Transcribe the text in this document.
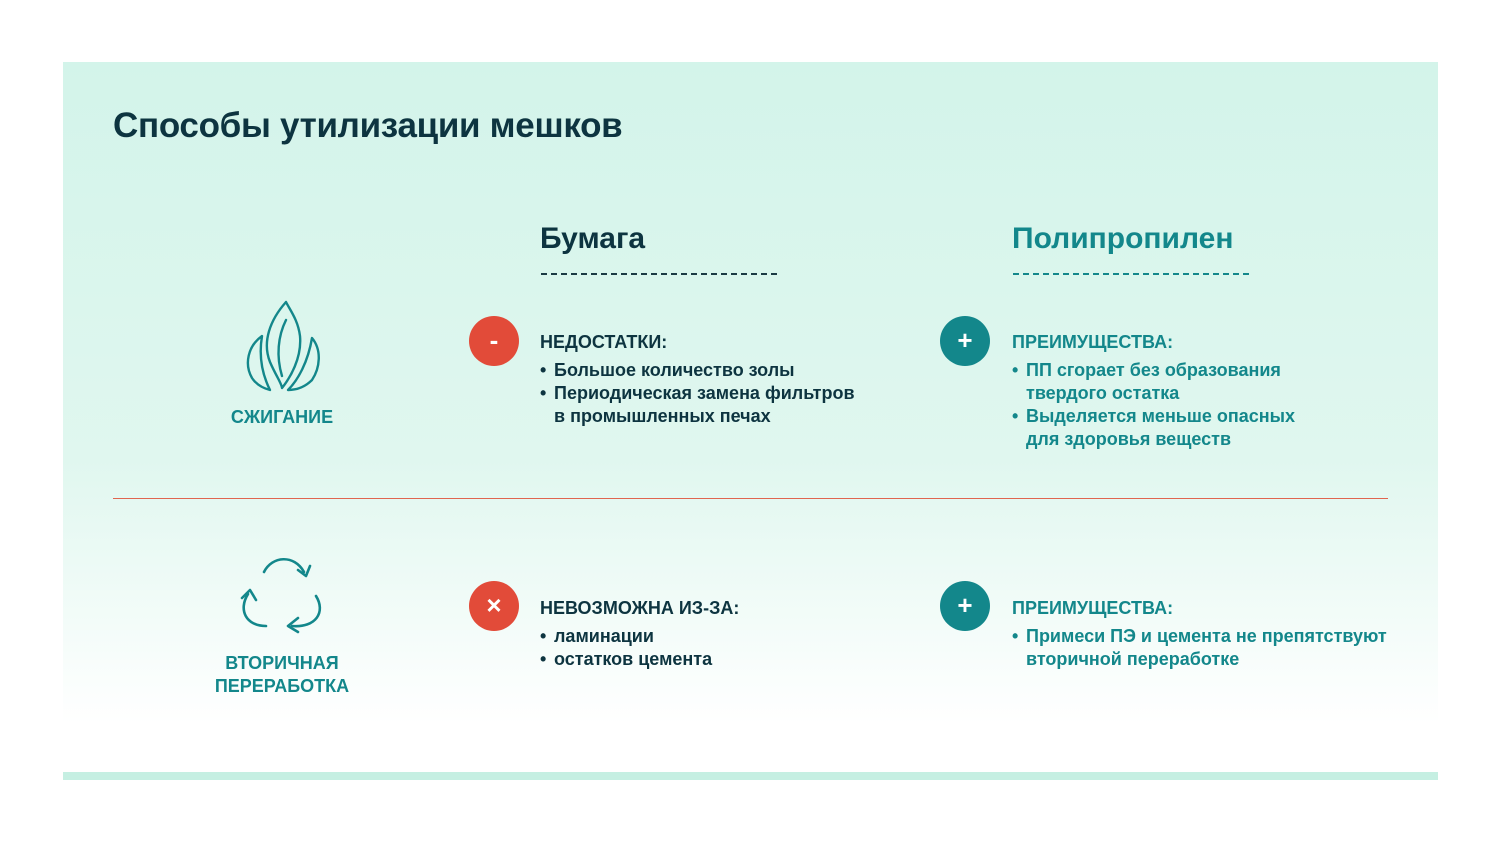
Способы утилизации мешков
Бумага	Полипропилен
СЖИГАНИЕ
-	НЕДОСТАТКИ:

• Большое количество золы
• Периодическая замена фильтров
в промышленных печах
+	ПРЕИМУЩЕСТВА:

• ПП сгорает без образования
твердого остатка
• Выделяется меньше опасных
для здоровья веществ
ВТОРИЧНАЯ
ПЕРЕРАБОТКА
×	НЕВОЗМОЖНА ИЗ-ЗА:

• ламинации
• остатков цемента
+	ПРЕИМУЩЕСТВА:

• Примеси ПЭ и цемента не препятствуют
вторичной переработке
